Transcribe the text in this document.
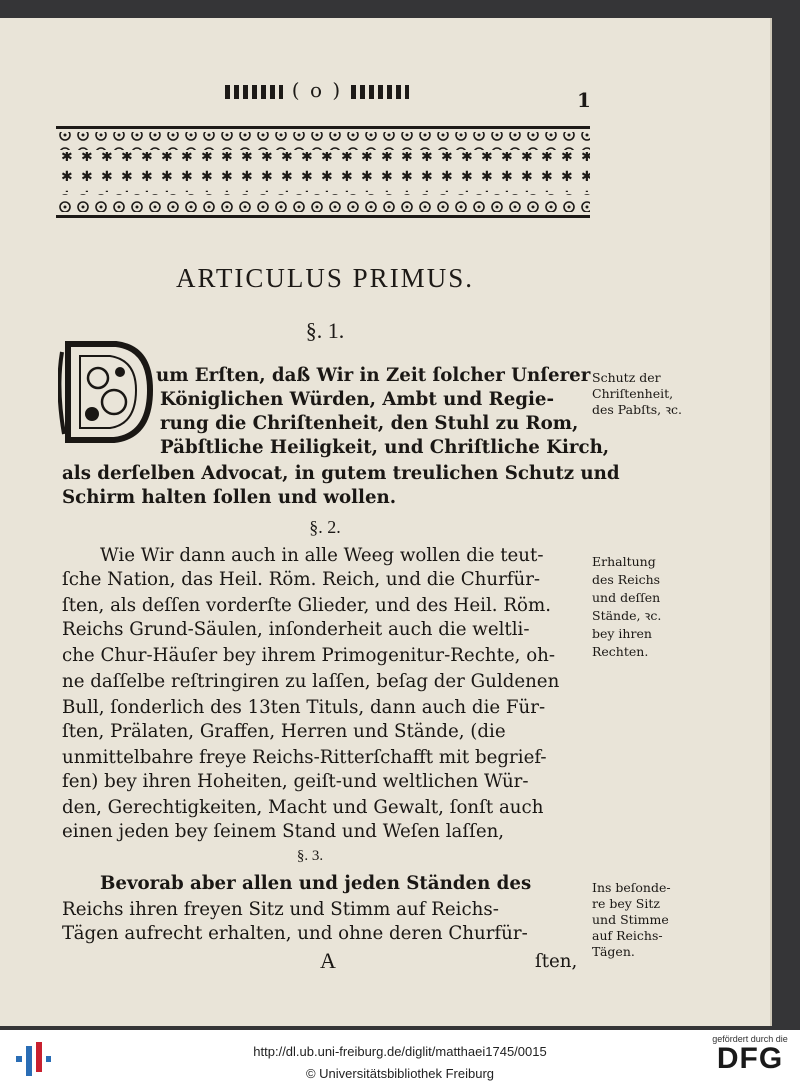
( o )	1
ARTICULUS PRIMUS.
§. 1.
um Erſten, daß Wir in Zeit ſolcher Unſerer
Königlichen Würden, Ambt und Regie-
rung die Chriſtenheit, den Stuhl zu Rom,
Päbſtliche Heiligkeit, und Chriſtliche Kirch,
als derſelben Advocat, in gutem treulichen Schutz und
Schirm halten ſollen und wollen.
Schutz der
Chriſtenheit,
des Pabſts, ꝛc.
§. 2.
Wie Wir dann auch in alle Weeg wollen die teut-
ſche Nation, das Heil. Röm. Reich, und die Churfür-
ſten, als deſſen vorderſte Glieder, und des Heil. Röm.
Reichs Grund-Säulen, inſonderheit auch die weltli-
che Chur-Häuſer bey ihrem Primogenitur-Rechte, oh-
ne daſſelbe reſtringiren zu laſſen, beſag der Guldenen
Bull, ſonderlich des 13ten Tituls, dann auch die Für-
ſten, Prälaten, Graffen, Herren und Stände, (die
unmittelbahre freye Reichs-Ritterſchafft mit begrief-
fen) bey ihren Hoheiten, geiſt-und weltlichen Wür-
den, Gerechtigkeiten, Macht und Gewalt, ſonſt auch
einen jeden bey ſeinem Stand und Weſen laſſen,
Erhaltung
des Reichs
und deſſen
Stände, ꝛc.
bey ihren
Rechten.
§. 3.
Bevorab aber allen und jeden Ständen des
Reichs ihren freyen Sitz und Stimm auf Reichs-
Tägen aufrecht erhalten, und ohne deren Churfür-
Ins beſonde-
re bey Sitz
und Stimme
auf Reichs-
Tägen.
A	ſten,
http://dl.ub.uni-freiburg.de/diglit/matthaei1745/0015
© Universitätsbibliothek Freiburg
gefördert durch die
DFG
